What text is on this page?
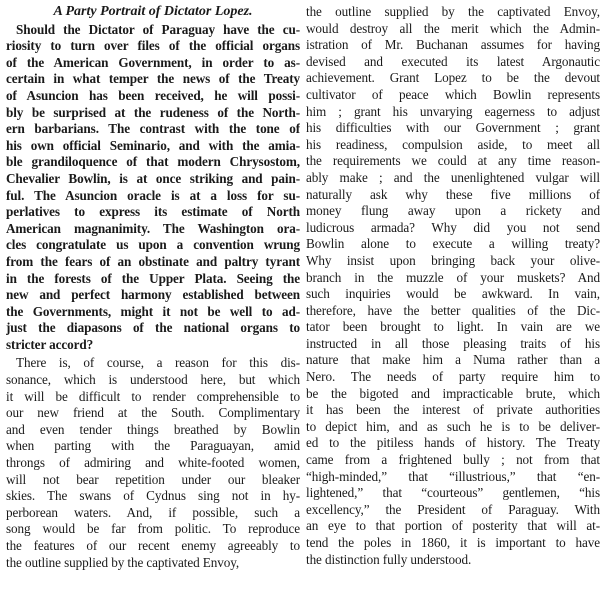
A Party Portrait of Dictator Lopez.
Should the Dictator of Paraguay have the cu-
riosity to turn over files of the official organs
of the American Government, in order to as-
certain in what temper the news of the Treaty
of Asuncion has been received, he will possi-
bly be surprised at the rudeness of the North-
ern barbarians. The contrast with the tone of
his own official Seminario, and with the amia-
ble grandiloquence of that modern Chrysostom,
Chevalier Bowlin, is at once striking and pain-
ful. The Asuncion oracle is at a loss for su-
perlatives to express its estimate of North
American magnanimity. The Washington ora-
cles congratulate us upon a convention wrung
from the fears of an obstinate and paltry tyrant
in the forests of the Upper Plata. Seeing the
new and perfect harmony established between
the Governments, might it not be well to ad-
just the diapasons of the national organs to
stricter accord?
There is, of course, a reason for this dis-
sonance, which is understood here, but which
it will be difficult to render comprehensible to
our new friend at the South. Complimentary
and even tender things breathed by Bowlin
when parting with the Paraguayan, amid
throngs of admiring and white-footed women,
will not bear repetition under our bleaker
skies. The swans of Cydnus sing not in hy-
perborean waters. And, if possible, such a
song would be far from politic. To reproduce
the features of our recent enemy agreeably to
the outline supplied by the captivated Envoy,
the outline supplied by the captivated Envoy,
would destroy all the merit which the Admin-
istration of Mr. Buchanan assumes for having
devised and executed its latest Argonautic
achievement. Grant Lopez to be the devout
cultivator of peace which Bowlin represents
him ; grant his unvarying eagerness to adjust
his difficulties with our Government ; grant
his readiness, compulsion aside, to meet all
the requirements we could at any time reason-
ably make ; and the unenlightened vulgar will
naturally ask why these five millions of
money flung away upon a rickety and
ludicrous armada? Why did you not send
Bowlin alone to execute a willing treaty?
Why insist upon bringing back your olive-
branch in the muzzle of your muskets? And
such inquiries would be awkward. In vain,
therefore, have the better qualities of the Dic-
tator been brought to light. In vain are we
instructed in all those pleasing traits of his
nature that make him a Numa rather than a
Nero. The needs of party require him to
be the bigoted and impracticable brute, which
it has been the interest of private authorities
to depict him, and as such he is to be deliver-
ed to the pitiless hands of history. The Treaty
came from a frightened bully ; not from that
“high-minded,” that “illustrious,” that “en-
lightened,” that “courteous” gentlemen, “his
excellency,” the President of Paraguay. With
an eye to that portion of posterity that will at-
tend the poles in 1860, it is important to have
the distinction fully understood.
